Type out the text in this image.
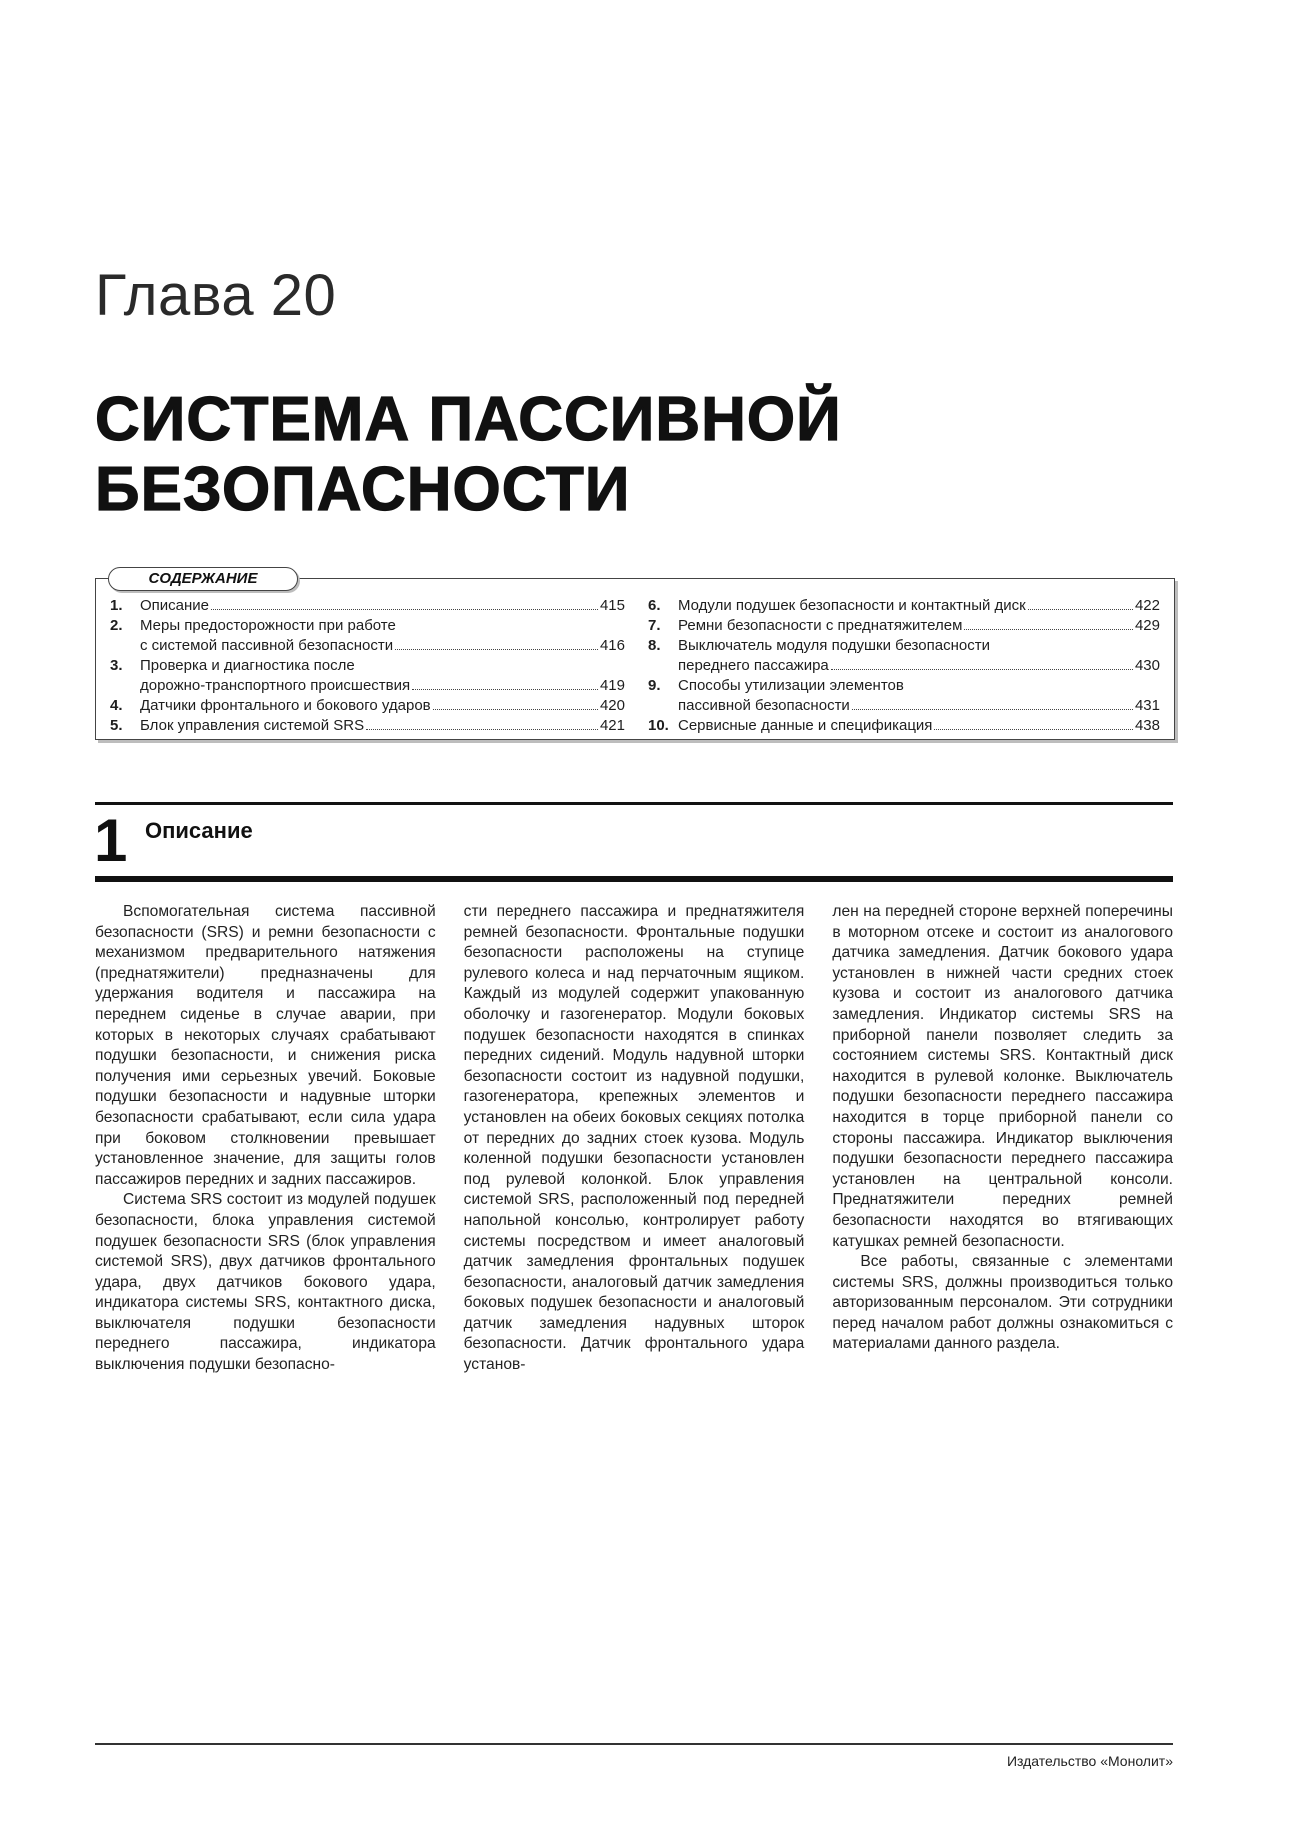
Глава 20
СИСТЕМА ПАССИВНОЙ
БЕЗОПАСНОСТИ
СОДЕРЖАНИЕ
1.	Описание	415
2.	Меры предосторожности при работе
с системой пассивной безопасности	416
3.	Проверка и диагностика после
дорожно-транспортного происшествия	419
4.	Датчики фронтального и бокового ударов	420
5.	Блок управления системой SRS	421
6.	Модули подушек безопасности и контактный диск	422
7.	Ремни безопасности с преднатяжителем	429
8.	Выключатель модуля подушки безопасности
переднего пассажира	430
9.	Способы утилизации элементов
пассивной безопасности	431
10. Сервисные данные и спецификация	438
1 Описание

Вспомогательная система пассивной безопасности (SRS) и ремни безопасности с механизмом предварительного натяжения (преднатяжители) предназначены для удержания водителя и пассажира на переднем сиденье в случае аварии, при которых в некоторых случаях срабатывают подушки безопасности, и снижения риска получения ими серьезных увечий. Боковые подушки безопасности и надувные шторки безопасности срабатывают, если сила удара при боковом столкновении превышает установленное значение, для защиты голов пассажиров передних и задних пассажиров.

Система SRS состоит из модулей подушек безопасности, блока управления системой подушек безопасности SRS (блок управления системой SRS), двух датчиков фронтального удара, двух датчиков бокового удара, индикатора системы SRS, контактного диска, выключателя подушки безопасности переднего пассажира, индикатора выключения подушки безопасно-

сти переднего пассажира и преднатяжителя ремней безопасности. Фронтальные подушки безопасности расположены на ступице рулевого колеса и над перчаточным ящиком. Каждый из модулей содержит упакованную оболочку и газогенератор. Модули боковых подушек безопасности находятся в спинках передних сидений. Модуль надувной шторки безопасности состоит из надувной подушки, газогенератора, крепежных элементов и установлен на обеих боковых секциях потолка от передних до задних стоек кузова. Модуль коленной подушки безопасности установлен под рулевой колонкой. Блок управления системой SRS, расположенный под передней напольной консолью, контролирует работу системы посредством и имеет аналоговый датчик замедления фронтальных подушек безопасности, аналоговый датчик замедления боковых подушек безопасности и аналоговый датчик замедления надувных шторок безопасности. Датчик фронтального удара установ-

лен на передней стороне верхней поперечины в моторном отсеке и состоит из аналогового датчика замедления. Датчик бокового удара установлен в нижней части средних стоек кузова и состоит из аналогового датчика замедления. Индикатор системы SRS на приборной панели позволяет следить за состоянием системы SRS. Контактный диск находится в рулевой колонке. Выключатель подушки безопасности переднего пассажира находится в торце приборной панели со стороны пассажира. Индикатор выключения подушки безопасности переднего пассажира установлен на центральной консоли. Преднатяжители передних ремней безопасности находятся во втягивающих катушках ремней безопасности.

Все работы, связанные с элементами системы SRS, должны производиться только авторизованным персоналом. Эти сотрудники перед началом работ должны ознакомиться с материалами данного раздела.

Издательство «Монолит»
